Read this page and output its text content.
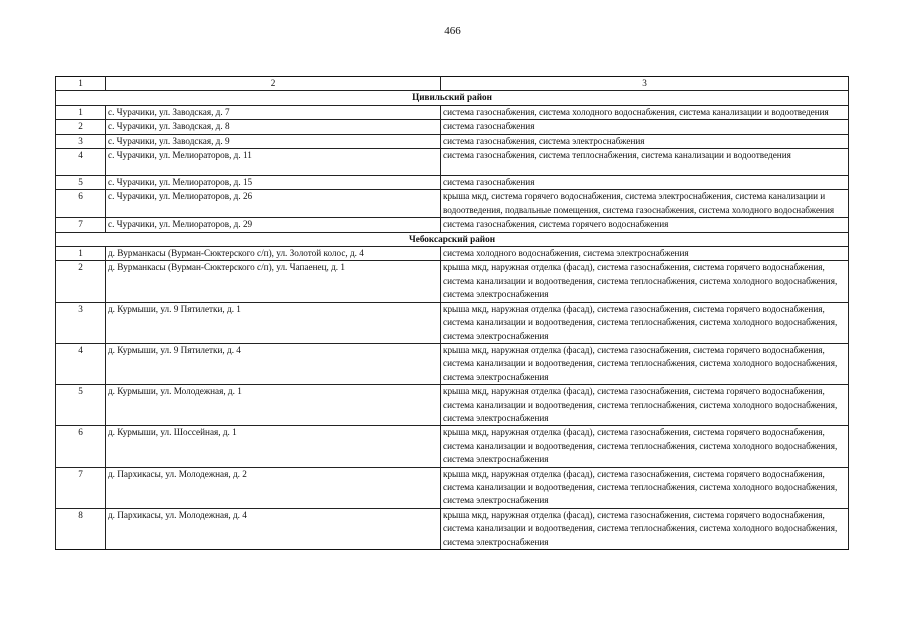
466
1	2	3
Цивильский район		
1	с. Чурачики, ул. Заводская, д. 7	система газоснабжения, система холодного водоснабжения, система канализации и водоотведения
2	с. Чурачики, ул. Заводская, д. 8	система газоснабжения
3	с. Чурачики, ул. Заводская, д. 9	система газоснабжения, система электроснабжения
4	с. Чурачики, ул. Мелиораторов, д. 11	система газоснабжения, система теплоснабжения, система канализации и водоотведения
5	с. Чурачики, ул. Мелиораторов, д. 15	система газоснабжения
6	с. Чурачики, ул. Мелиораторов, д. 26	крыша мкд, система горячего водоснабжения, система электроснабжения, система канализации и водоотведения, подвальные помещения, система газоснабжения, система холодного водоснабжения
7	с. Чурачики, ул. Мелиораторов, д. 29	система газоснабжения, система горячего водоснабжения
Чебоксарский район		
1	д. Вурманкасы (Вурман-Сюктерского с/п), ул. Золотой колос, д. 4	система холодного водоснабжения, система электроснабжения
2	д. Вурманкасы (Вурман-Сюктерского с/п), ул. Чапаенец, д. 1	крыша мкд, наружная отделка (фасад), система газоснабжения, система горячего водоснабжения, система канализации и водоотведения, система теплоснабжения, система холодного водоснабжения, система электроснабжения
3	д. Курмыши, ул. 9 Пятилетки, д. 1	крыша мкд, наружная отделка (фасад), система газоснабжения, система горячего водоснабжения, система канализации и водоотведения, система теплоснабжения, система холодного водоснабжения, система электроснабжения
4	д. Курмыши, ул. 9 Пятилетки, д. 4	крыша мкд, наружная отделка (фасад), система газоснабжения, система горячего водоснабжения, система канализации и водоотведения, система теплоснабжения, система холодного водоснабжения, система электроснабжения
5	д. Курмыши, ул. Молодежная, д. 1	крыша мкд, наружная отделка (фасад), система газоснабжения, система горячего водоснабжения, система канализации и водоотведения, система теплоснабжения, система холодного водоснабжения, система электроснабжения
6	д. Курмыши, ул. Шоссейная, д. 1	крыша мкд, наружная отделка (фасад), система газоснабжения, система горячего водоснабжения, система канализации и водоотведения, система теплоснабжения, система холодного водоснабжения, система электроснабжения
7	д. Пархикасы, ул. Молодежная, д. 2	крыша мкд, наружная отделка (фасад), система газоснабжения, система горячего водоснабжения, система канализации и водоотведения, система теплоснабжения, система холодного водоснабжения, система электроснабжения
8	д. Пархикасы, ул. Молодежная, д. 4	крыша мкд, наружная отделка (фасад), система газоснабжения, система горячего водоснабжения, система канализации и водоотведения, система теплоснабжения, система холодного водоснабжения, система электроснабжения
